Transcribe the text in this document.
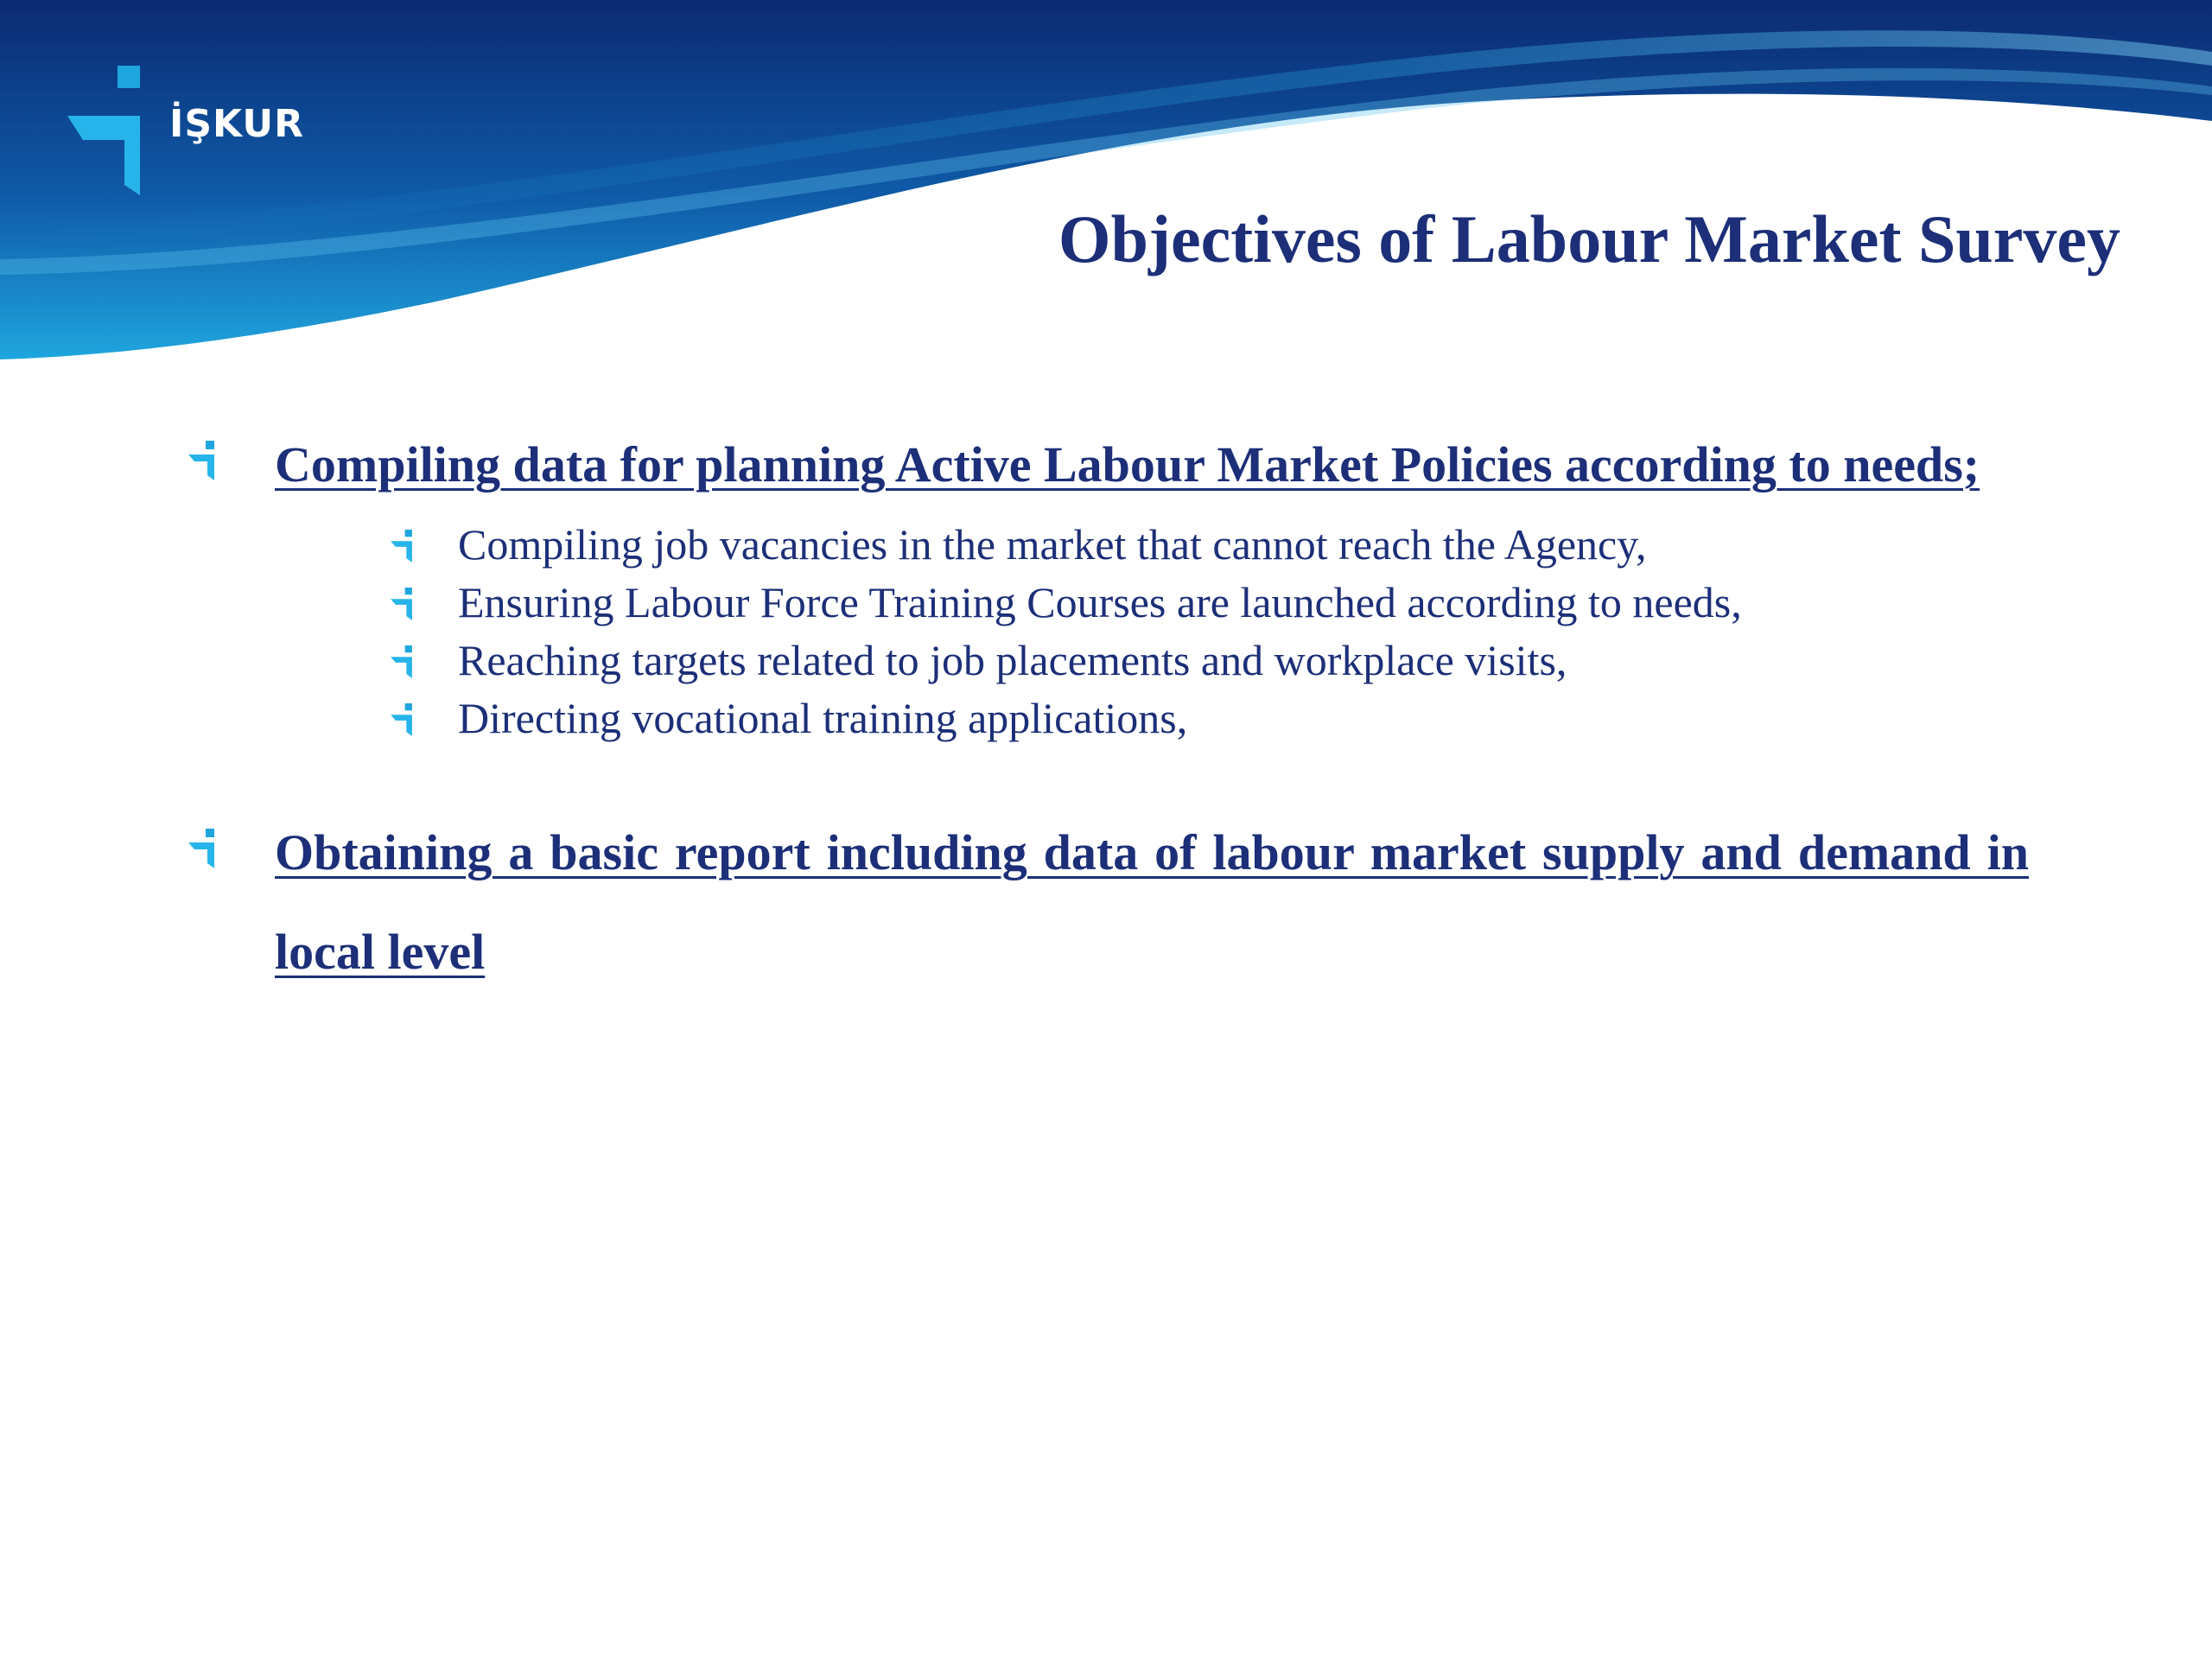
İŞKUR
Objectives of Labour Market Survey
Compiling data for planning Active Labour Market Policies according to needs;
Compiling job vacancies in the market that cannot reach the Agency,
Ensuring Labour Force Training Courses are launched according to needs,
Reaching targets related to job placements and workplace visits,
Directing vocational training applications,
Obtaining a basic report including data of labour market supply and demand in local level
